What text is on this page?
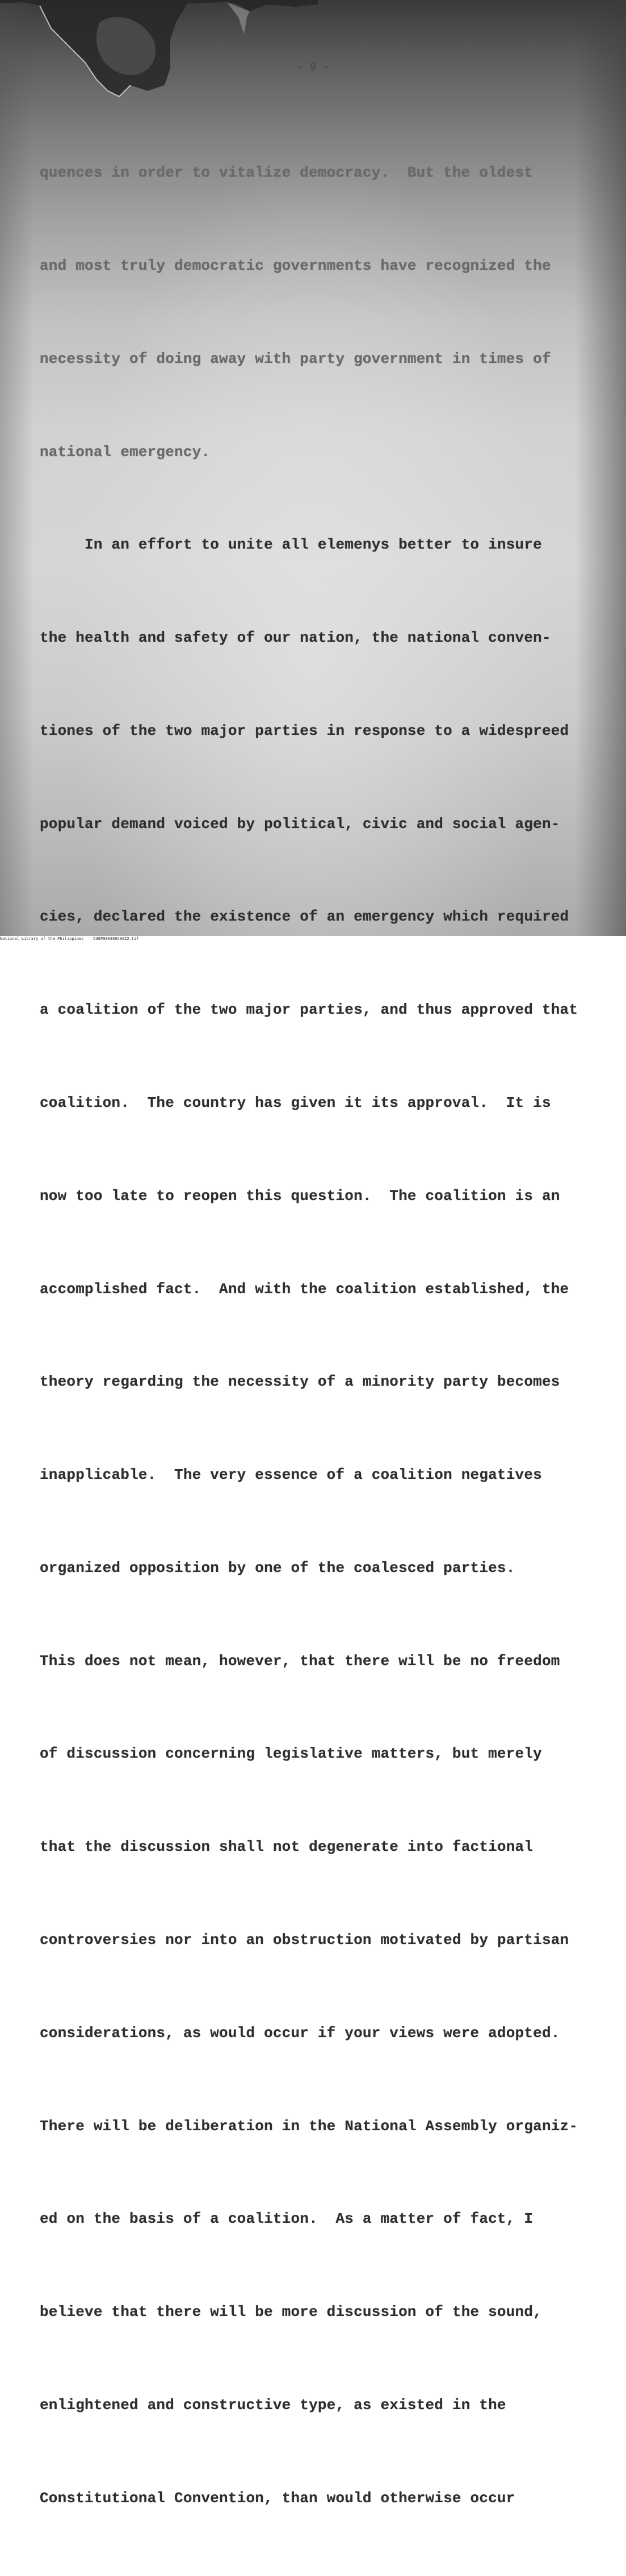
- 9 -

quences in order to vitalize democracy.  But the oldest

and most truly democratic governments have recognized the

necessity of doing away with party government in times of

national emergency.

In an effort to unite all elemenys better to insure

the health and safety of our nation, the national conven-

tiones of the two major parties in response to a widespreed

popular demand voiced by political, civic and social agen-

cies, declared the existence of an emergency which required

a coalition of the two major parties, and thus approved that

coalition.  The country has given it its approval.  It is

now too late to reopen this question.  The coalition is an

accomplished fact.  And with the coalition established, the

theory regarding the necessity of a minority party becomes

inapplicable.  The very essence of a coalition negatives

organized opposition by one of the coalesced parties.

This does not mean, however, that there will be no freedom

of discussion concerning legislative matters, but merely

that the discussion shall not degenerate into factional

controversies nor into an obstruction motivated by partisan

considerations, as would occur if your views were adopted.

There will be deliberation in the National Assembly organiz-

ed on the basis of a coalition.  As a matter of fact, I

believe that there will be more discussion of the sound,

enlightened and constructive type, as existed in the

Constitutional Convention, than would otherwise occur

National Library of the Philippines D36P00030020022.tif
